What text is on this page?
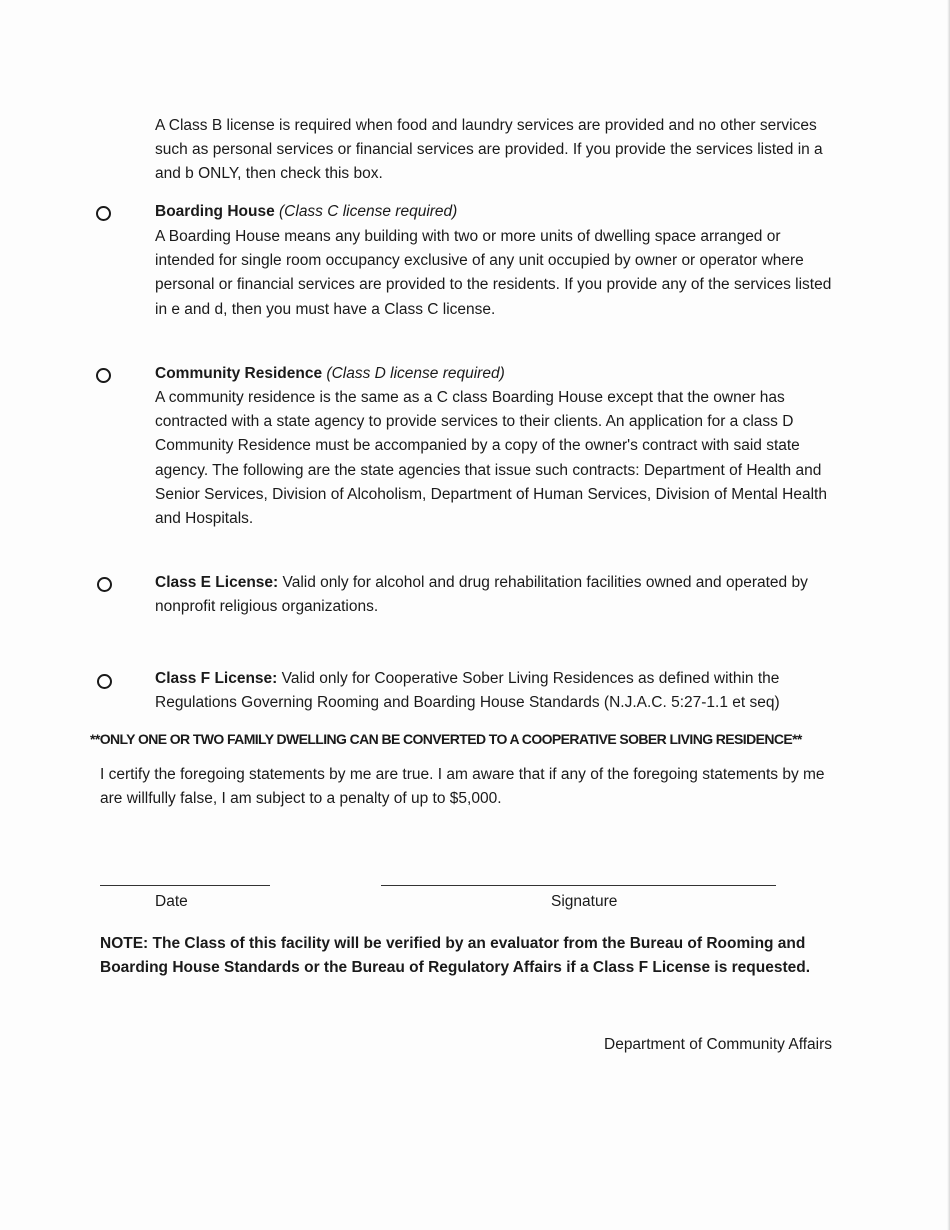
A Class B license is required when food and laundry services are provided and no other services such as personal services or financial services are provided. If you provide the services listed in a and b ONLY, then check this box.

Boarding House (Class C license required)

A Boarding House means any building with two or more units of dwelling space arranged or intended for single room occupancy exclusive of any unit occupied by owner or operator where personal or financial services are provided to the residents. If you provide any of the services listed in e and d, then you must have a Class C license.

Community Residence (Class D license required)

A community residence is the same as a C class Boarding House except that the owner has contracted with a state agency to provide services to their clients. An application for a class D Community Residence must be accompanied by a copy of the owner's contract with said state agency. The following are the state agencies that issue such contracts: Department of Health and Senior Services, Division of Alcoholism, Department of Human Services, Division of Mental Health and Hospitals.

Class E License: Valid only for alcohol and drug rehabilitation facilities owned and operated by nonprofit religious organizations.

Class F License: Valid only for Cooperative Sober Living Residences as defined within the Regulations Governing Rooming and Boarding House Standards (N.J.A.C. 5:27-1.1 et seq)

**ONLY ONE OR TWO FAMILY DWELLING CAN BE CONVERTED TO A COOPERATIVE SOBER LIVING RESIDENCE**

I certify the foregoing statements by me are true. I am aware that if any of the foregoing statements by me are willfully false, I am subject to a penalty of up to $5,000.

Date	Signature

NOTE: The Class of this facility will be verified by an evaluator from the Bureau of Rooming and Boarding House Standards or the Bureau of Regulatory Affairs if a Class F License is requested.

Department of Community Affairs
